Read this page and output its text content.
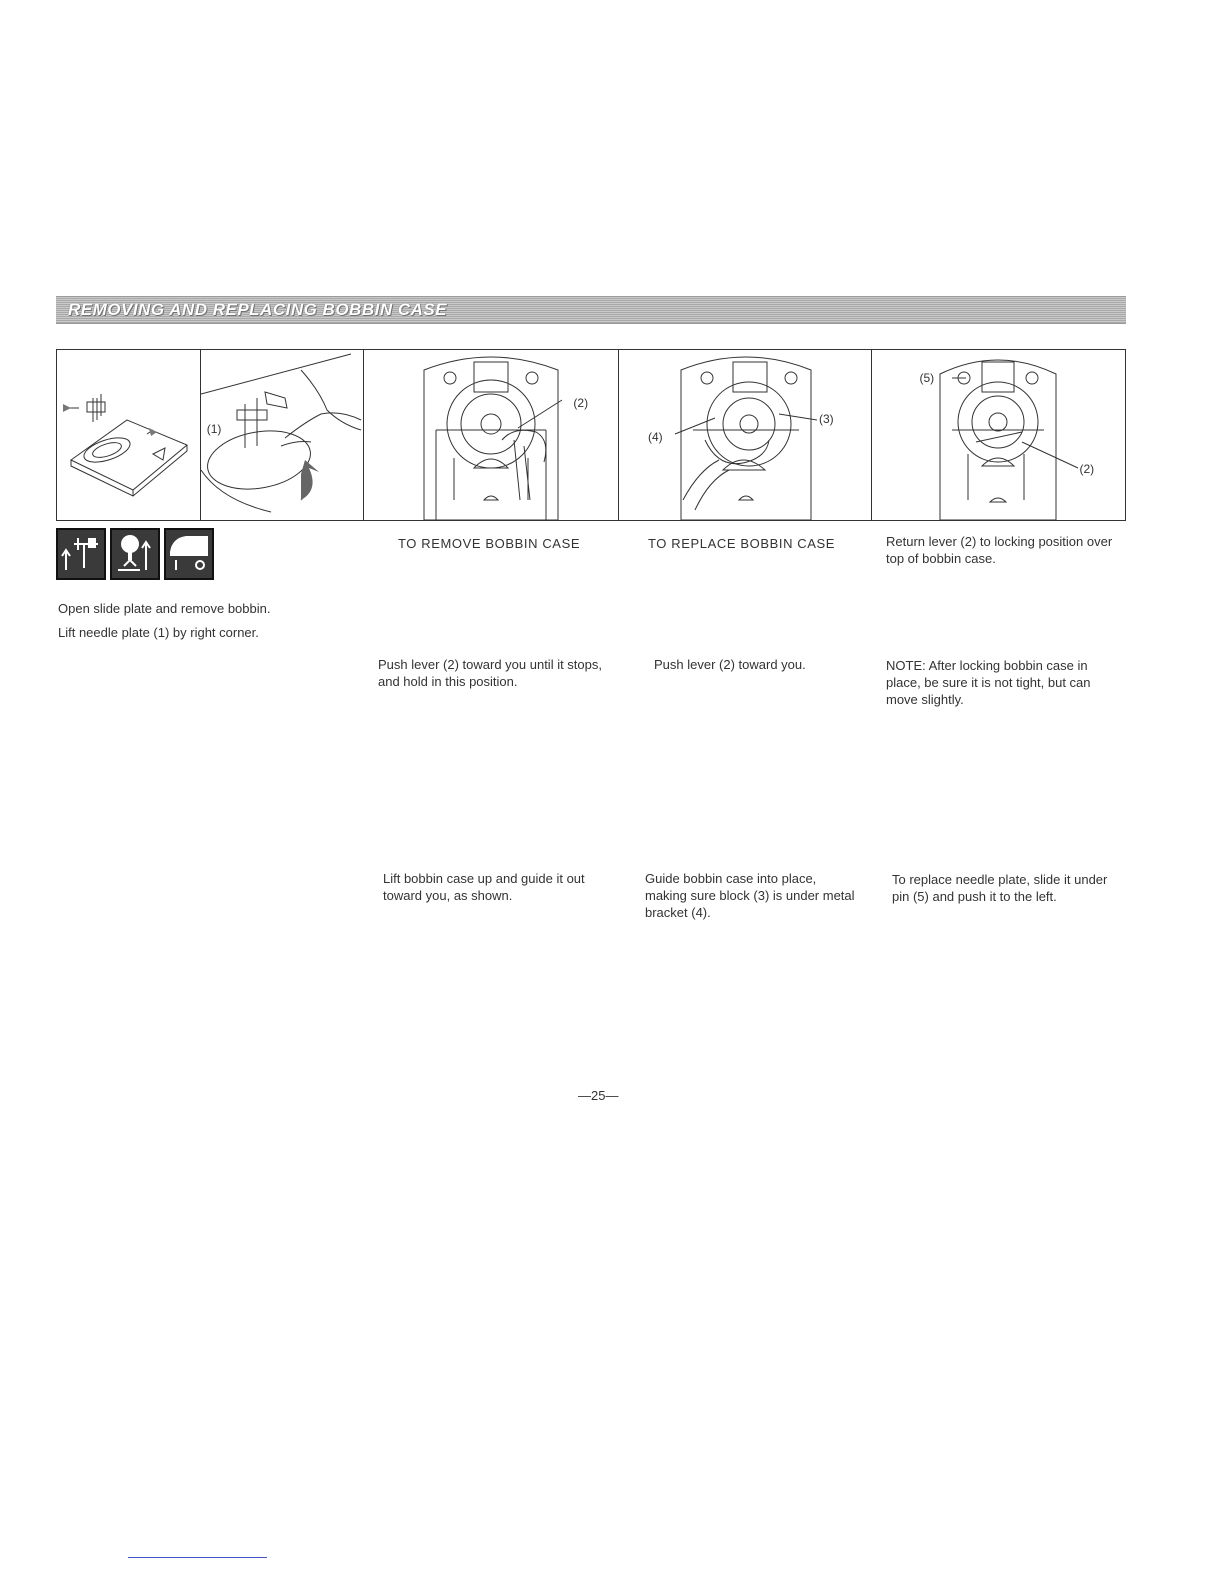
REMOVING AND REPLACING BOBBIN CASE
(1)
(2)
(4)
(3)
(5)
(2)
Open slide plate and remove bobbin.
Lift needle plate (1) by right corner.
TO REMOVE BOBBIN CASE
Push lever (2) toward you until it stops, and hold in this position.
Lift bobbin case up and guide it out toward you, as shown.
TO REPLACE BOBBIN CASE
Push lever (2) toward you.
Guide bobbin case into place, making sure block (3) is under metal bracket (4).
Return lever (2) to locking position over top of bobbin case.
NOTE: After locking bobbin case in place, be sure it is not tight, but can move slightly.
To replace needle plate, slide it under pin (5) and push it to the left.
—25—
